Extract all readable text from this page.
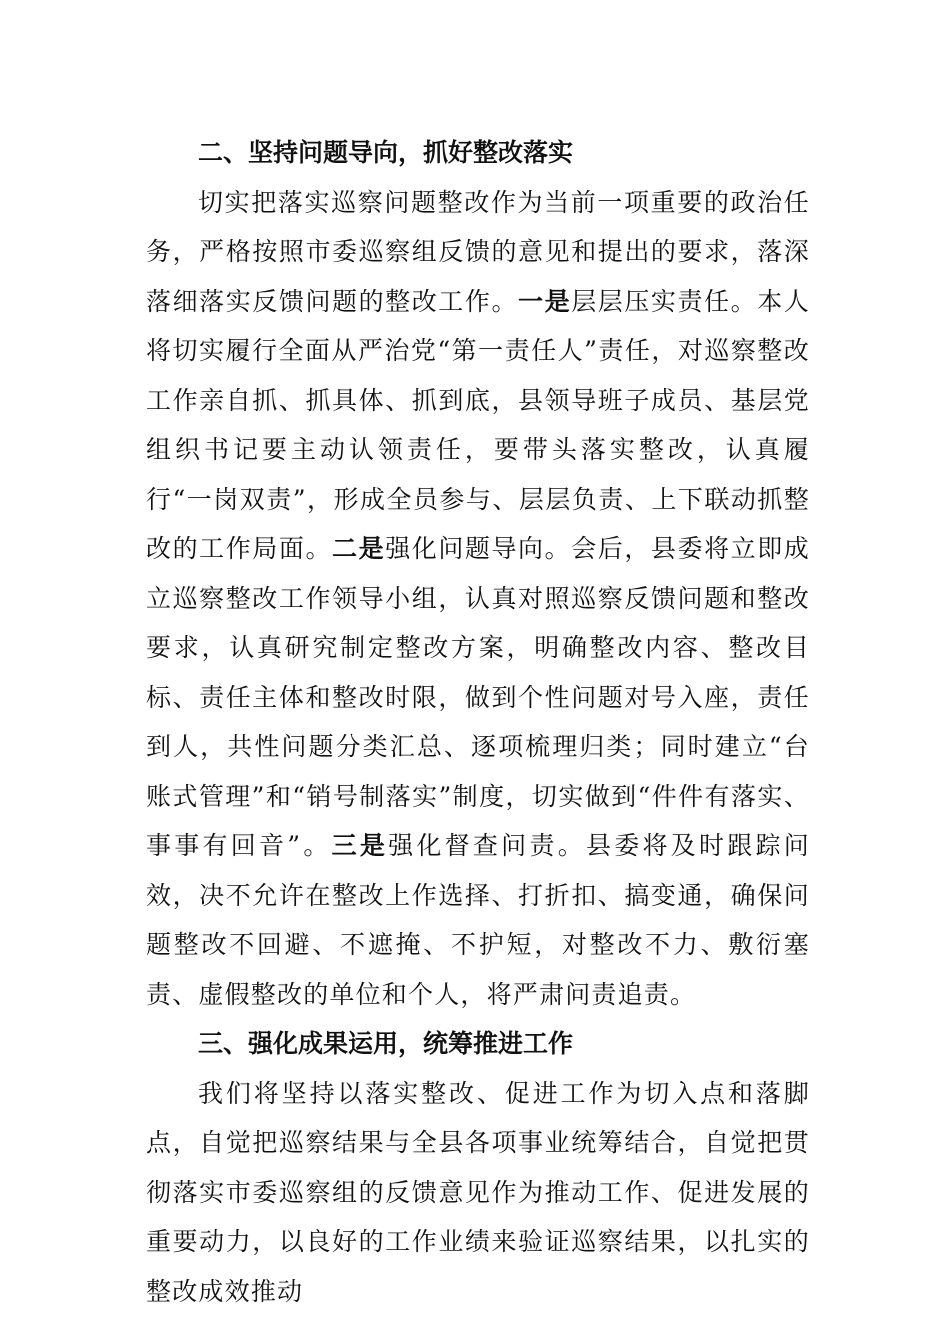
二、坚持问题导向，抓好整改落实

切实把落实巡察问题整改作为当前一项重要的政治任务，严格按照市委巡察组反馈的意见和提出的要求，落深落细落实反馈问题的整改工作。一是层层压实责任。本人将切实履行全面从严治党“第一责任人”责任，对巡察整改工作亲自抓、抓具体、抓到底，县领导班子成员、基层党组织书记要主动认领责任，要带头落实整改，认真履行“一岗双责”，形成全员参与、层层负责、上下联动抓整改的工作局面。二是强化问题导向。会后，县委将立即成立巡察整改工作领导小组，认真对照巡察反馈问题和整改要求，认真研究制定整改方案，明确整改内容、整改目标、责任主体和整改时限，做到个性问题对号入座，责任到人，共性问题分类汇总、逐项梳理归类；同时建立“台账式管理”和“销号制落实”制度，切实做到“件件有落实、事事有回音”。三是强化督查问责。县委将及时跟踪问效，决不允许在整改上作选择、打折扣、搞变通，确保问题整改不回避、不遮掩、不护短，对整改不力、敷衍塞责、虚假整改的单位和个人，将严肃问责追责。

三、强化成果运用，统筹推进工作

我们将坚持以落实整改、促进工作为切入点和落脚点，自觉把巡察结果与全县各项事业统筹结合，自觉把贯彻落实市委巡察组的反馈意见作为推动工作、促进发展的重要动力，以良好的工作业绩来验证巡察结果，以扎实的整改成效推动
